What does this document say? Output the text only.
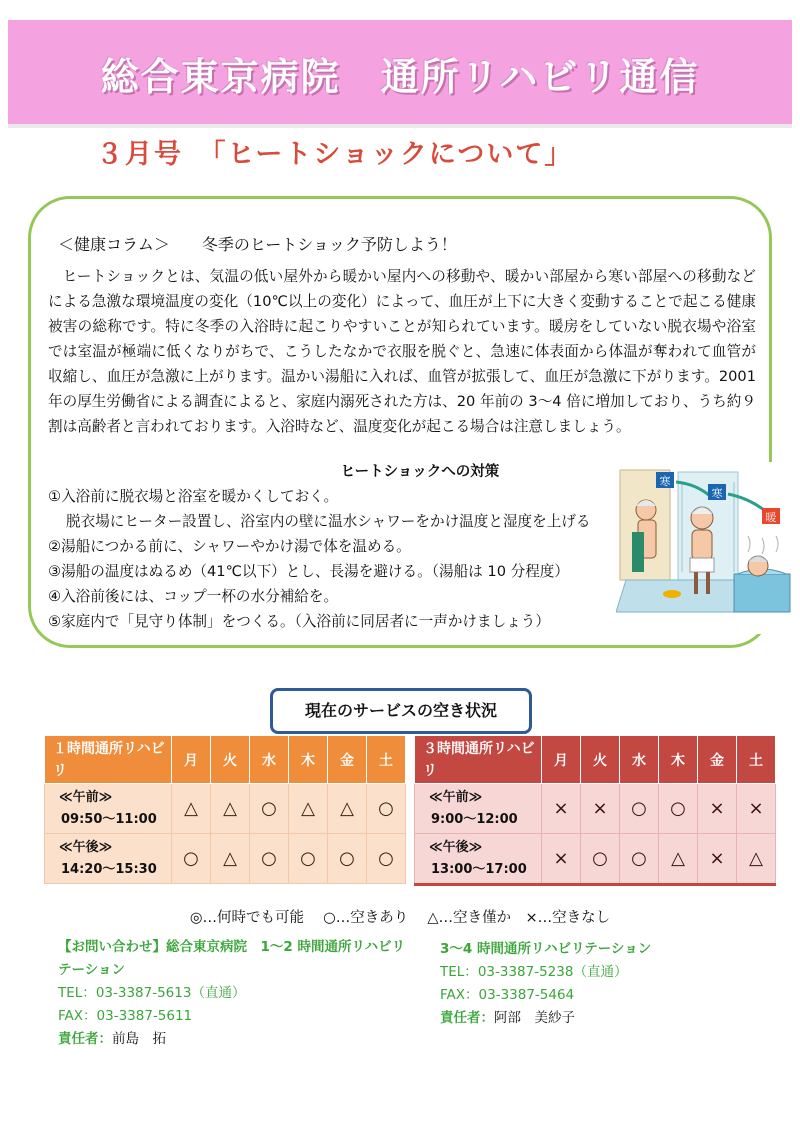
総合東京病院　通所リハビリ通信
３月号　「ヒートショックについて」
＜健康コラム＞　　冬季のヒートショック予防しよう！
ヒートショックとは、気温の低い屋外から暖かい屋内への移動や、暖かい部屋から寒い部屋への移動などによる急激な環境温度の変化（10℃以上の変化）によって、血圧が上下に大きく変動することで起こる健康被害の総称です。特に冬季の入浴時に起こりやすいことが知られています。暖房をしていない脱衣場や浴室では室温が極端に低くなりがちで、こうしたなかで衣服を脱ぐと、急速に体表面から体温が奪われて血管が収縮し、血圧が急激に上がります。温かい湯船に入れば、血管が拡張して、血圧が急激に下がります。2001 年の厚生労働省による調査によると、家庭内溺死された方は、20 年前の 3～4 倍に増加しており、うち約９割は高齢者と言われております。入浴時など、温度変化が起こる場合は注意しましょう。
ヒートショックへの対策
①入浴前に脱衣場と浴室を暖かくしておく。
脱衣場にヒーター設置し、浴室内の壁に温水シャワーをかけ温度と湿度を上げる
②湯船につかる前に、シャワーやかけ湯で体を温める。
③湯船の温度はぬるめ（41℃以下）とし、長湯を避ける。（湯船は 10 分程度）
④入浴前後には、コップ一杯の水分補給を。
⑤家庭内で「見守り体制」をつくる。（入浴前に同居者に一声かけましょう）
寒
寒
暖
現在のサービスの空き状況
１時間通所リハビリ	月	火	水	木	金	土
≪午前≫
09:50～11:00	△	△	○	△	△	○
≪午後≫
14:20～15:30	○	△	○	○	○	○
３時間通所リハビリ	月	火	水	木	金	土
≪午前≫
9:00～12:00	×	×	○	○	×	×
≪午後≫
13:00～17:00	×	○	○	△	×	△
◎…何時でも可能　 ○…空きあり　 △…空き僅か　×…空きなし
【お問い合わせ】総合東京病院　1～2 時間通所リハビリテーション
TEL：03-3387-5613（直通）
FAX：03-3387-5611
責任者：前島　拓
3～4 時間通所リハビリテーション
TEL：03-3387-5238（直通）
FAX：03-3387-5464
責任者：阿部　美紗子
